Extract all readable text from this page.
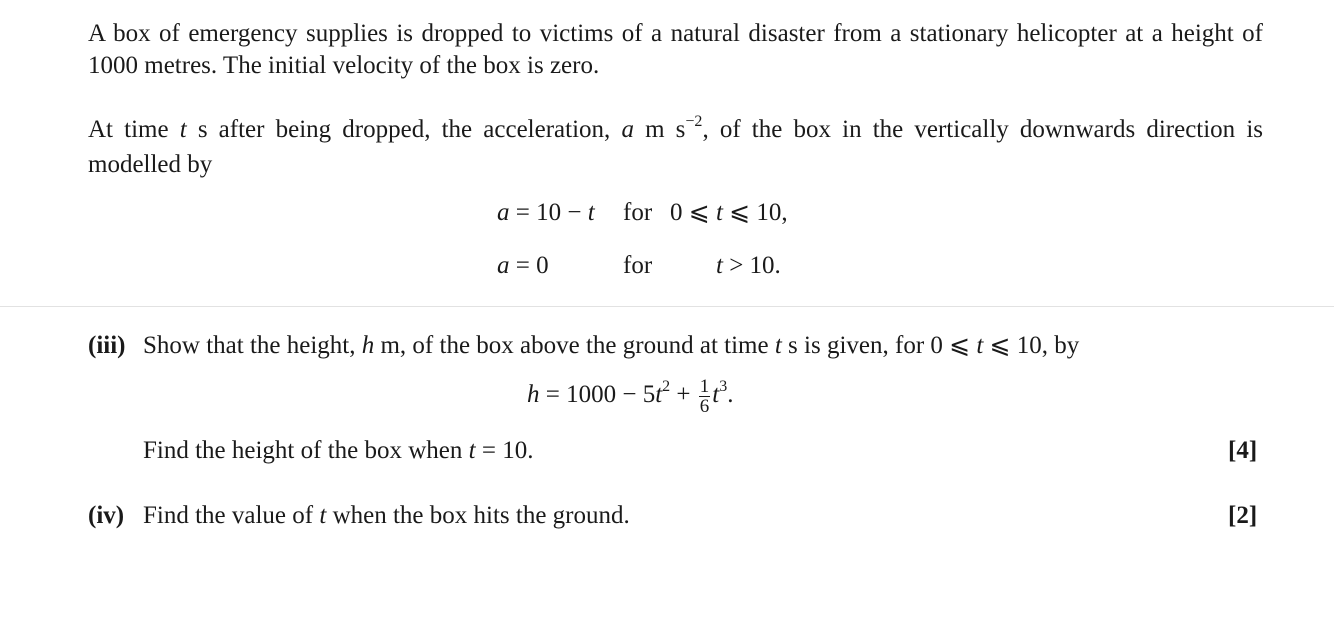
A box of emergency supplies is dropped to victims of a natural disaster from a stationary helicopter at a height of 1000 metres. The initial velocity of the box is zero.
At time t s after being dropped, the acceleration, a m $s^{-2}$, of the box in the vertically downwards direction is modelled by
a = 10 − t for 0 ⩽ t ⩽ 10,
a = 0	for	t > 10.
(iii) Show that the height, h m, of the box above the ground at time t s is given, for 0 ⩽ t ⩽ 10, by
$h = 1000 - 5t^2 + \frac{1}{6} t^3$.
Find the height of the box when t = 10.	[4]
(iv) Find the value of t when the box hits the ground.	[2]
